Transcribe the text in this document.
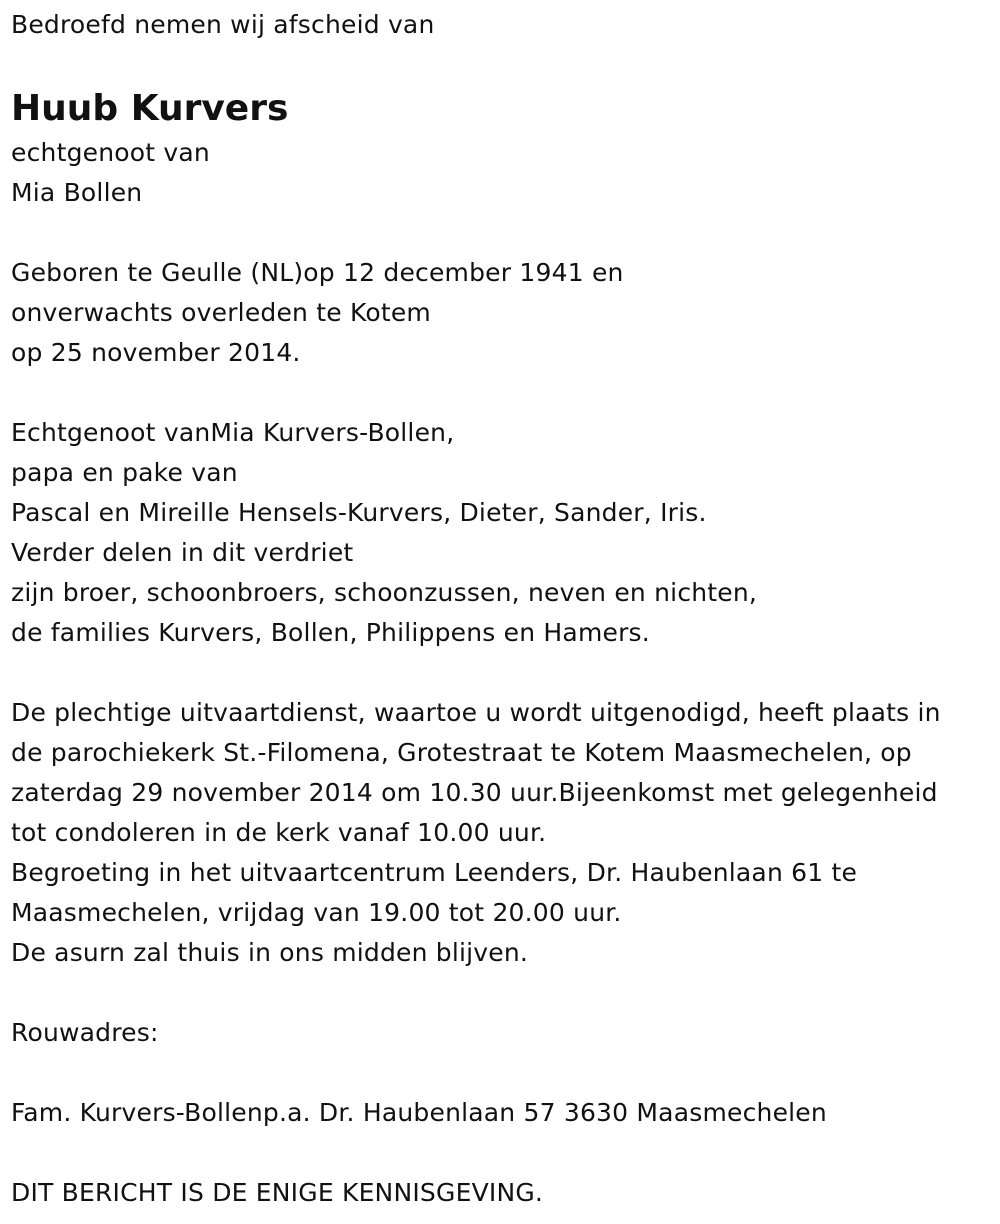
Bedroefd nemen wij afscheid van
Huub Kurvers
echtgenoot van
Mia Bollen
Geboren te Geulle (NL)op 12 december 1941 en
onverwachts overleden te Kotem
op 25 november 2014.
Echtgenoot vanMia Kurvers-Bollen,
papa en pake van
Pascal en Mireille Hensels-Kurvers, Dieter, Sander, Iris.
Verder delen in dit verdriet
zijn broer, schoonbroers, schoonzussen, neven en nichten,
de families Kurvers, Bollen, Philippens en Hamers.
De plechtige uitvaartdienst, waartoe u wordt uitgenodigd, heeft plaats in
de parochiekerk St.-Filomena, Grotestraat te Kotem Maasmechelen, op
zaterdag 29 november 2014 om 10.30 uur.Bijeenkomst met gelegenheid
tot condoleren in de kerk vanaf 10.00 uur.
Begroeting in het uitvaartcentrum Leenders, Dr. Haubenlaan 61 te
Maasmechelen, vrijdag van 19.00 tot 20.00 uur.
De asurn zal thuis in ons midden blijven.
Rouwadres:
Fam. Kurvers-Bollenp.a. Dr. Haubenlaan 57 3630 Maasmechelen
DIT BERICHT IS DE ENIGE KENNISGEVING.
